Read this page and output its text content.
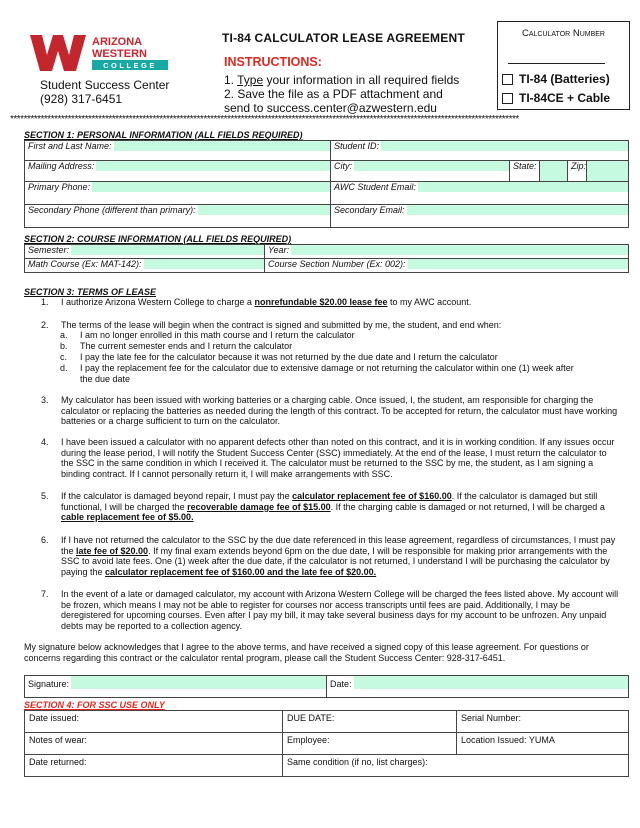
ARIZONA
WESTERN
COLLEGE
Student Success Center
(928) 317-6451
TI-84 CALCULATOR LEASE AGREEMENT
INSTRUCTIONS:
1. Type your information in all required fields
2. Save the file as a PDF attachment and
send to success.center@azwestern.edu
Calculator Number
TI-84 (Batteries)
TI-84CE + Cable
******************************************************************************************************************************************************
SECTION 1: PERSONAL INFORMATION (ALL FIELDS REQUIRED)
First and Last Name:	Student ID:				

Mailing Address:	City:	State:		Zip:	

Primary Phone:	AWC Student Email:				

Secondary Phone (different than primary):	Secondary Email:				
SECTION 2: COURSE INFORMATION (ALL FIELDS REQUIRED)
Semester:	Year:

Math Course (Ex: MAT-142):	Course Section Number (Ex: 002):
SECTION 3: TERMS OF LEASE
1. I authorize Arizona Western College to charge a nonrefundable $20.00 lease fee to my AWC account.
2. The terms of the lease will begin when the contract is signed and submitted by me, the student, and end when:
a. I am no longer enrolled in this math course and I return the calculator
b. The current semester ends and I return the calculator
c. I pay the late fee for the calculator because it was not returned by the due date and I return the calculator
d. I pay the replacement fee for the calculator due to extensive damage or not returning the calculator within one (1) week after the due date
3. My calculator has been issued with working batteries or a charging cable. Once issued, I, the student, am responsible for charging the calculator or replacing the batteries as needed during the length of this contract. To be accepted for return, the calculator must have working batteries or a charge sufficient to turn on the calculator.
4. I have been issued a calculator with no apparent defects other than noted on this contract, and it is in working condition. If any issues occur during the lease period, I will notify the Student Success Center (SSC) immediately. At the end of the lease, I must return the calculator to the SSC in the same condition in which I received it. The calculator must be returned to the SSC by me, the student, as I am signing a binding contract. If I cannot personally return it, I will make arrangements with SSC.
5. If the calculator is damaged beyond repair, I must pay the calculator replacement fee of $160.00. If the calculator is damaged but still functional, I will be charged the recoverable damage fee of $15.00. If the charging cable is damaged or not returned, I will be charged a cable replacement fee of $5.00.
6. If I have not returned the calculator to the SSC by the due date referenced in this lease agreement, regardless of circumstances, I must pay the late fee of $20.00. If my final exam extends beyond 6pm on the due date, I will be responsible for making prior arrangements with the SSC to avoid late fees. One (1) week after the due date, if the calculator is not returned, I understand I will be purchasing the calculator by paying the calculator replacement fee of $160.00 and the late fee of $20.00.
7. In the event of a late or damaged calculator, my account with Arizona Western College will be charged the fees listed above. My account will be frozen, which means I may not be able to register for courses nor access transcripts until fees are paid. Additionally, I may be deregistered for upcoming courses. Even after I pay my bill, it may take several business days for my account to be unfrozen. Any unpaid debts may be reported to a collection agency.
My signature below acknowledges that I agree to the above terms, and have received a signed copy of this lease agreement. For questions or concerns regarding this contract or the calculator rental program, please call the Student Success Center: 928-317-6451.
Signature:	Date:
SECTION 4: FOR SSC USE ONLY
Date issued:	DUE DATE:	Serial Number:
Notes of wear:	Employee:	Location Issued: YUMA
Date returned:	Same condition (if no, list charges):	
